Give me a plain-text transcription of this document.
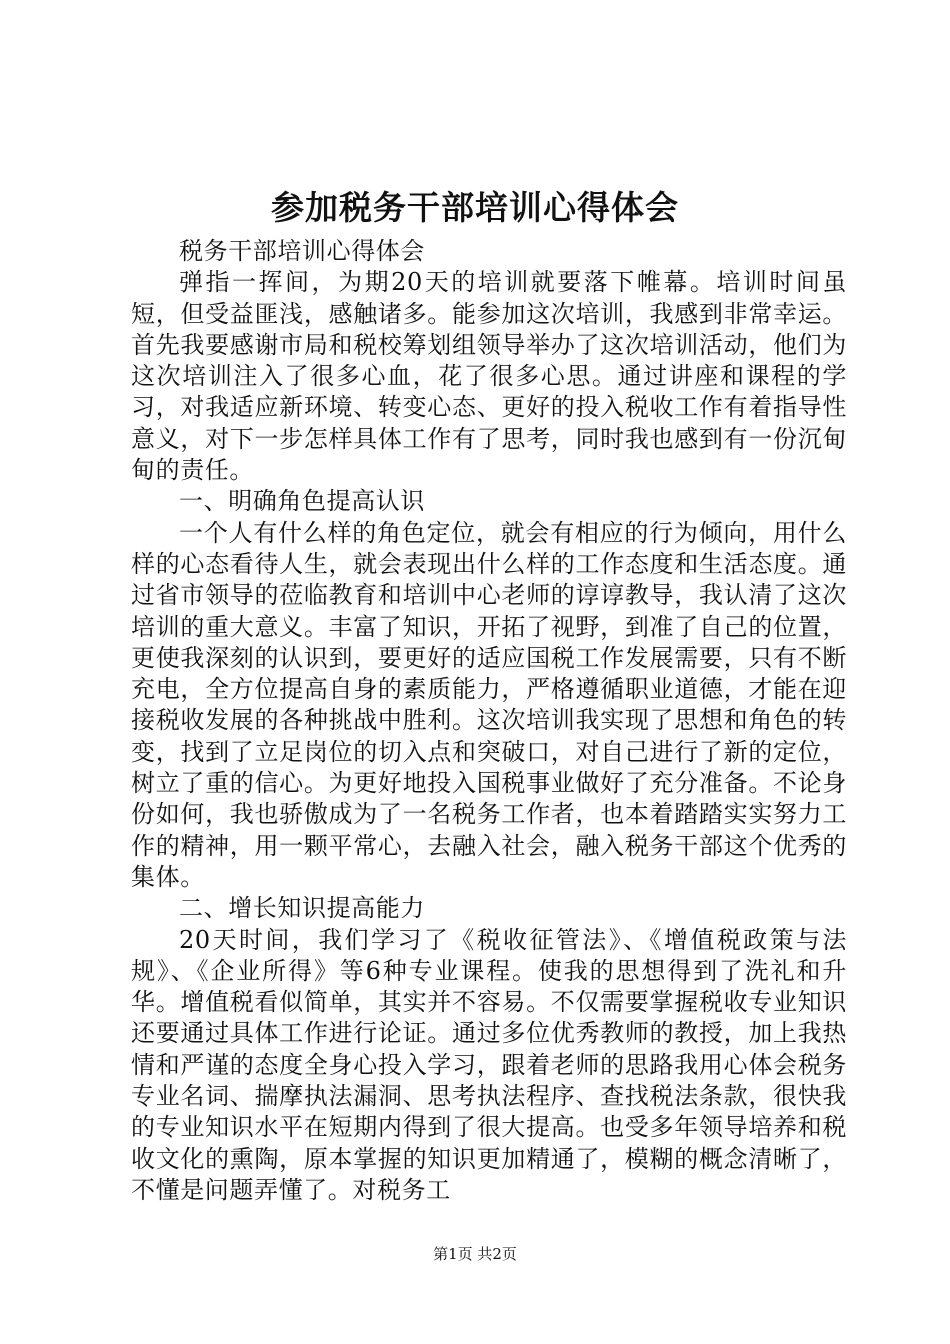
参加税务干部培训心得体会

税务干部培训心得体会

弹指一挥间，为期20天的培训就要落下帷幕。培训时间虽短，但受益匪浅，感触诸多。能参加这次培训，我感到非常幸运。首先我要感谢市局和税校筹划组领导举办了这次培训活动，他们为这次培训注入了很多心血，花了很多心思。通过讲座和课程的学习，对我适应新环境、转变心态、更好的投入税收工作有着指导性意义，对下一步怎样具体工作有了思考，同时我也感到有一份沉甸甸的责任。

一、明确角色提高认识

一个人有什么样的角色定位，就会有相应的行为倾向，用什么样的心态看待人生，就会表现出什么样的工作态度和生活态度。通过省市领导的莅临教育和培训中心老师的谆谆教导，我认清了这次培训的重大意义。丰富了知识，开拓了视野，到准了自己的位置，更使我深刻的认识到，要更好的适应国税工作发展需要，只有不断充电，全方位提高自身的素质能力，严格遵循职业道德，才能在迎接税收发展的各种挑战中胜利。这次培训我实现了思想和角色的转变，找到了立足岗位的切入点和突破口，对自己进行了新的定位，树立了重的信心。为更好地投入国税事业做好了充分准备。不论身份如何，我也骄傲成为了一名税务工作者，也本着踏踏实实努力工作的精神，用一颗平常心，去融入社会，融入税务干部这个优秀的集体。

二、增长知识提高能力

20天时间，我们学习了《税收征管法》、《增值税政策与法规》、《企业所得》等6种专业课程。使我的思想得到了洗礼和升华。增值税看似简单，其实并不容易。不仅需要掌握税收专业知识还要通过具体工作进行论证。通过多位优秀教师的教授，加上我热情和严谨的态度全身心投入学习，跟着老师的思路我用心体会税务专业名词、揣摩执法漏洞、思考执法程序、查找税法条款，很快我的专业知识水平在短期内得到了很大提高。也受多年领导培养和税收文化的熏陶，原本掌握的知识更加精通了，模糊的概念清晰了，不懂是问题弄懂了。对税务工

第1页 共2页
